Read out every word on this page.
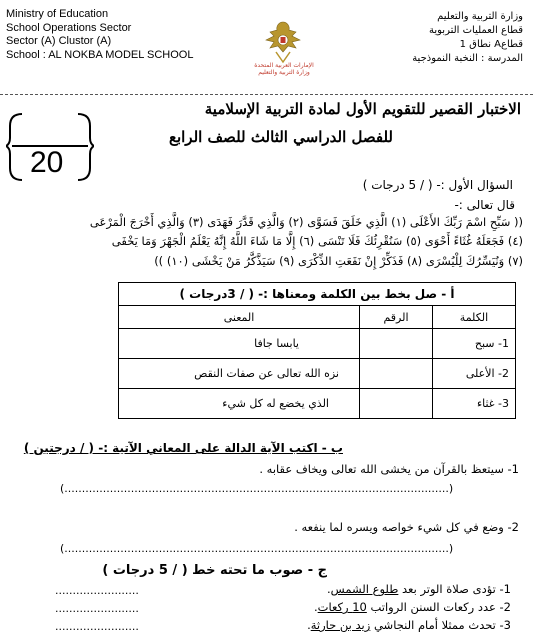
Ministry of Education
School Operations Sector
Sector (A) Clustor (A)
School : AL NOKBA MODEL SCHOOL
وزارة التربية والتعليم
قطاع العمليات التربوية
قطاعA نطاق 1
المدرسة : النخبة النموذجية
الإمارات العربية المتحدة
وزارة التربية والتعليم
الاختبار القصير للتقويم الأول لمادة التربية الإسلامية
للفصل الدراسي الثالث للصف الرابع
20
السؤال الأول :- ( / 5 درجات )
قال تعالى :-
(( سَبِّحِ اسْمَ رَبِّكَ الأَعْلَى (١) الَّذِي خَلَقَ فَسَوَّى (٢) وَالَّذِي قَدَّرَ فَهَدَى (٣) وَالَّذِي أَخْرَجَ الْمَرْعَى
(٤) فَجَعَلَهُ غُثَاءً أَحْوَى (٥) سَنُقْرِئُكَ فَلَا تَنْسَى (٦) إِلَّا مَا شَاءَ اللَّهُ إِنَّهُ يَعْلَمُ الْجَهْرَ وَمَا يَخْفَى
(٧) وَنُيَسِّرُكَ لِلْيُسْرَى (٨) فَذَكِّرْ إِنْ نَفَعَتِ الذِّكْرَى (٩) سَيَذَّكَّرُ مَنْ يَخْشَى (١٠) ))
أ - صل بخط بين الكلمة ومعناها :- ( / 3درجات )		
الكلمة	الرقم	المعنى
1- سبح		يابسا جافا
2- الأعلى		نزه الله تعالى عن صفات النقص
3- غثاء		الذي يخضع له كل شيء
ب - اكتب الآية الدالة على المعاني الآتية :- ( / درجتين )
1- سيتعظ بالقرآن من يخشى الله تعالى ويخاف عقابه .
(..............................................................................................................)
2- وضع في كل شيء خواصه ويسره لما ينفعه .
(..............................................................................................................)
ج - صوب ما تحته خط ( / 5 درجات )
1- تؤدى صلاة الوتر بعد طلوع الشمس.
........................
2- عدد ركعات السنن الرواتب 10 ركعات.
........................
3- تحدث ممثلا أمام النجاشي زيد بن حارثة.
........................
